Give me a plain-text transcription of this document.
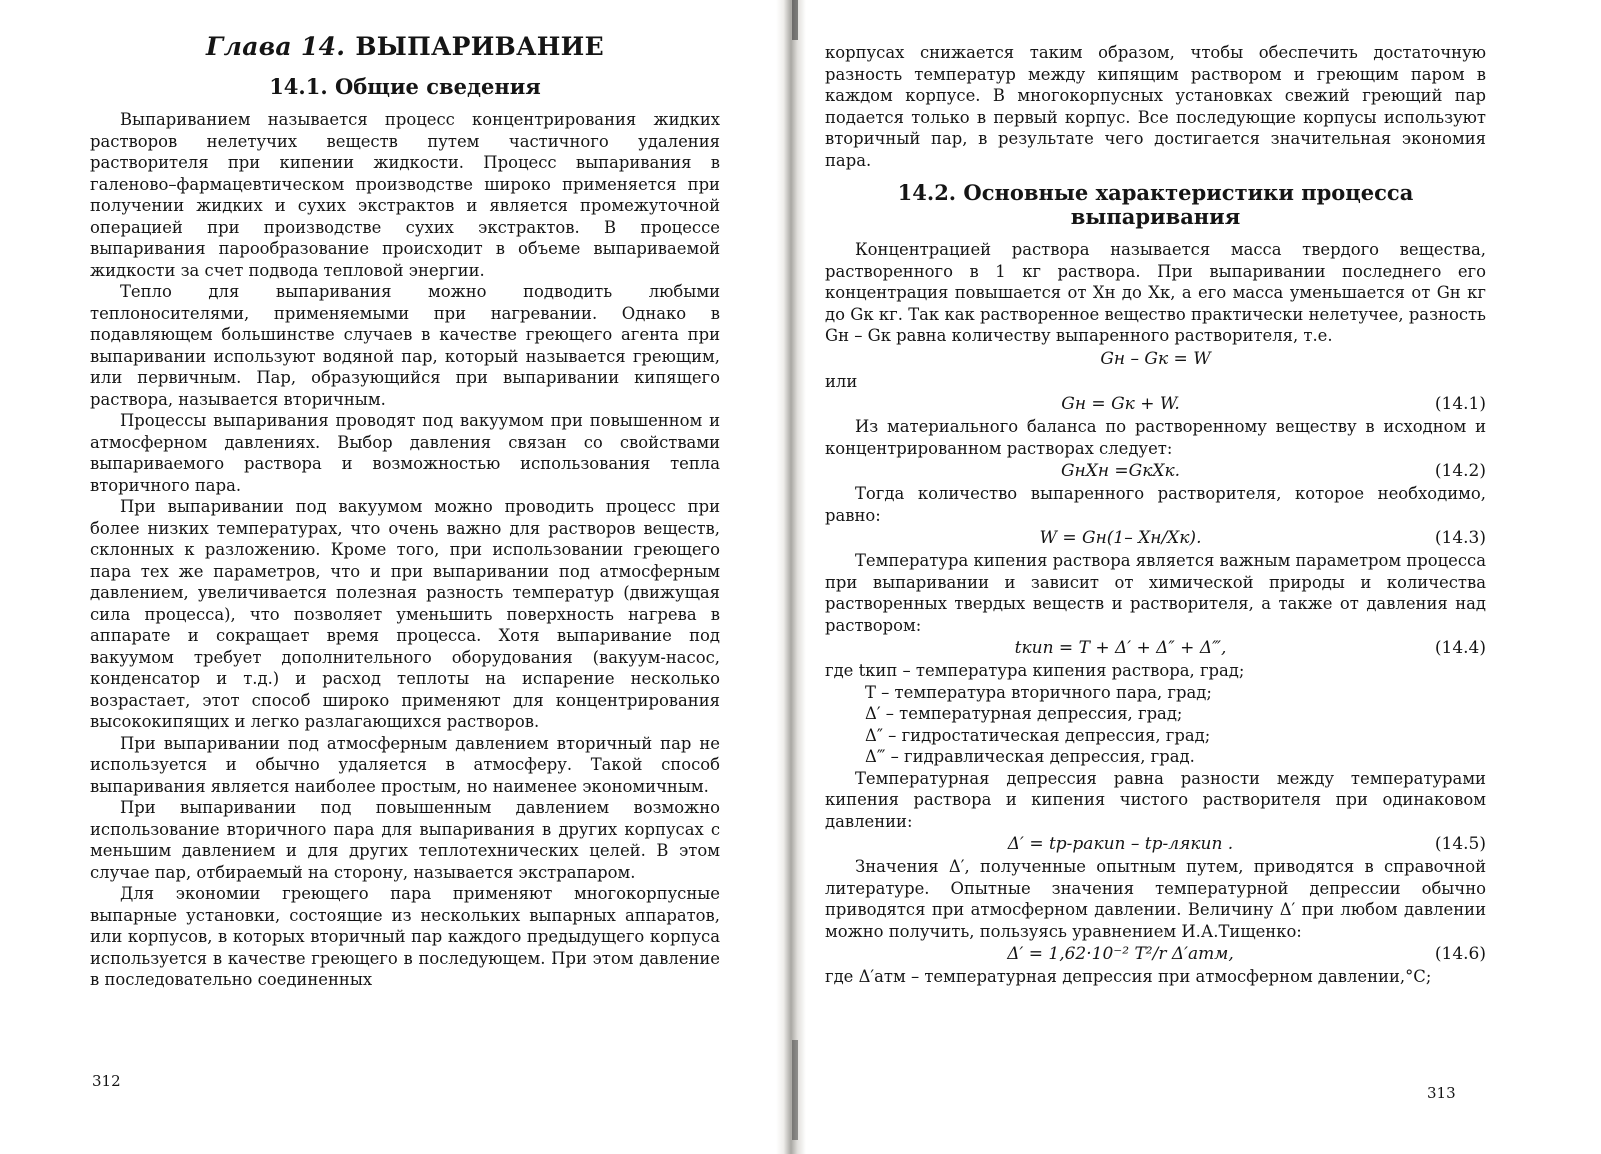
Глава 14. ВЫПАРИВАНИЕ
14.1. Общие сведения

Выпариванием называется процесс концентрирования жидких растворов нелетучих веществ путем частичного удаления растворителя при кипении жидкости. Процесс выпаривания в галеново–фармацевтическом производстве широко применяется при получении жидких и сухих экстрактов и является промежуточной операцией при производстве сухих экстрактов. В процессе выпаривания парообразование происходит в объеме выпариваемой жидкости за счет подвода тепловой энергии.

Тепло для выпаривания можно подводить любыми теплоносителями, применяемыми при нагревании. Однако в подавляющем большинстве случаев в качестве греющего агента при выпаривании используют водяной пар, который называется греющим, или первичным. Пар, образующийся при выпаривании кипящего раствора, называется вторичным.

Процессы выпаривания проводят под вакуумом при повышенном и атмосферном давлениях. Выбор давления связан со свойствами выпариваемого раствора и возможностью использования тепла вторичного пара.

При выпаривании под вакуумом можно проводить процесс при более низких температурах, что очень важно для растворов веществ, склонных к разложению. Кроме того, при использовании греющего пара тех же параметров, что и при выпаривании под атмосферным давлением, увеличивается полезная разность температур (движущая сила процесса), что позволяет уменьшить поверхность нагрева в аппарате и сокращает время процесса. Хотя выпаривание под вакуумом требует дополнительного оборудования (вакуум-насос, конденсатор и т.д.) и расход теплоты на испарение несколько возрастает, этот способ широко применяют для концентрирования высококипящих и легко разлагающихся растворов.

При выпаривании под атмосферным давлением вторичный пар не используется и обычно удаляется в атмосферу. Такой способ выпаривания является наиболее простым, но наименее экономичным.

При выпаривании под повышенным давлением возможно использование вторичного пара для выпаривания в других корпусах с меньшим давлением и для других теплотехнических целей. В этом случае пар, отбираемый на сторону, называется экстрапаром.

Для экономии греющего пара применяют многокорпусные выпарные установки, состоящие из нескольких выпарных аппаратов, или корпусов, в которых вторичный пар каждого предыдущего корпуса используется в качестве греющего в последующем. При этом давление в последовательно соединенных

312

корпусах снижается таким образом, чтобы обеспечить достаточную разность температур между кипящим раствором и греющим паром в каждом корпусе. В многокорпусных установках свежий греющий пар подается только в первый корпус. Все последующие корпусы используют вторичный пар, в результате чего достигается значительная экономия пара.

14.2. Основные характеристики процесса выпаривания

Концентрацией раствора называется масса твердого вещества, растворенного в 1 кг раствора. При выпаривании последнего его концентрация повышается от Xн до Xк, а его масса уменьшается от Gн кг до Gк кг. Так как растворенное вещество практически нелетучее, разность Gн – Gк равна количеству выпаренного растворителя, т.е.

Gн – Gк = W

или

Gн = Gк + W.	(14.1)

Из материального баланса по растворенному веществу в исходном и концентрированном растворах следует:

GнXн =GкXк.	(14.2)

Тогда количество выпаренного растворителя, которое необходимо, равно:

W = Gн(1– Xн/Xк).	(14.3)

Температура кипения раствора является важным параметром процесса при выпаривании и зависит от химической природы и количества растворенных твердых веществ и растворителя, а также от давления над раствором:

tкип = T + Δ′ + Δ″ + Δ‴,	(14.4)
где tкип – температура кипения раствора, град;
T – температура вторичного пара, град;
Δ′ – температурная депрессия, град;
Δ″ – гидростатическая депрессия, град;
Δ‴ – гидравлическая депрессия, град.

Температурная депрессия равна разности между температурами кипения раствора и кипения чистого растворителя при одинаковом давлении:

Δ′ = tр-ракип – tр-лякип .	(14.5)

Значения Δ′, полученные опытным путем, приводятся в справочной литературе. Опытные значения температурной депрессии обычно приводятся при атмосферном давлении. Величину Δ′ при любом давлении можно получить, пользуясь уравнением И.А.Тищенко:

Δ′ = 1,62·10⁻² T²/r Δ′атм,	(14.6)

где Δ′атм – температурная депрессия при атмосферном давлении,°С;

313
